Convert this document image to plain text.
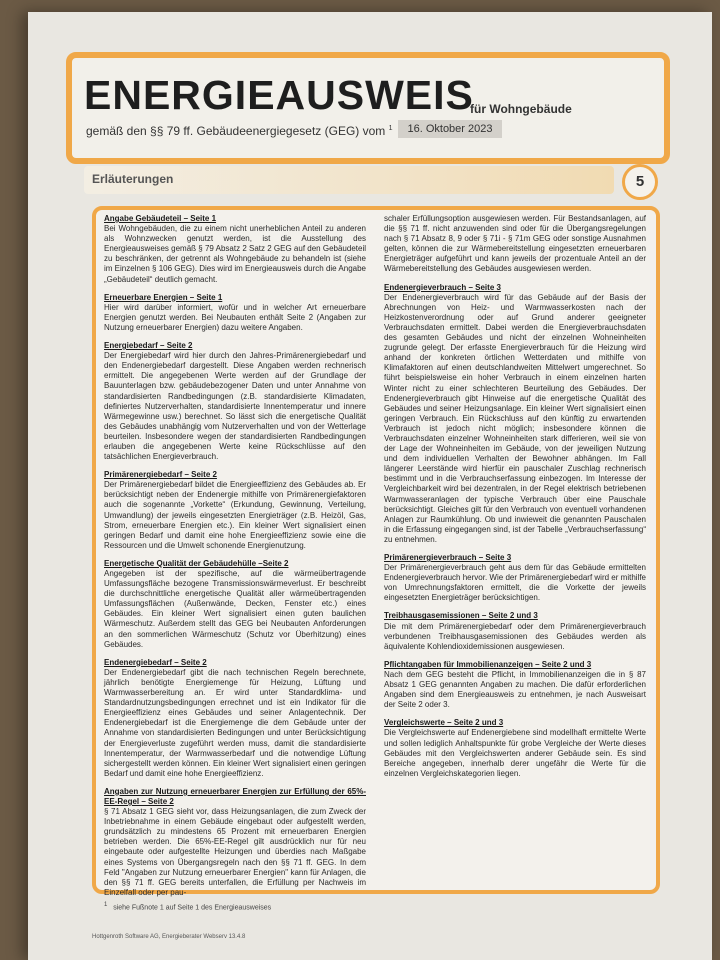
ENERGIEAUSWEIS
für Wohngebäude
gemäß den §§ 79 ff. Gebäudeenergiegesetz (GEG) vom $^1$	16. Oktober 2023
Erläuterungen	5
Angabe Gebäudeteil – Seite 1

Bei Wohngebäuden, die zu einem nicht unerheblichen Anteil zu anderen als Wohnzwecken genutzt werden, ist die Ausstellung des Energieausweises gemäß § 79 Absatz 2 Satz 2 GEG auf den Gebäudeteil zu beschränken, der getrennt als Wohngebäude zu behandeln ist (siehe im Einzelnen § 106 GEG). Dies wird im Energieausweis durch die Angabe „Gebäudeteil“ deutlich gemacht.

Erneuerbare Energien – Seite 1

Hier wird darüber informiert, wofür und in welcher Art erneuerbare Energien genutzt werden. Bei Neubauten enthält Seite 2 (Angaben zur Nutzung erneuerbarer Energien) dazu weitere Angaben.

Energiebedarf – Seite 2

Der Energiebedarf wird hier durch den Jahres-Primärenergiebedarf und den Endenergiebedarf dargestellt. Diese Angaben werden rechnerisch ermittelt. Die angegebenen Werte werden auf der Grundlage der Bauunterlagen bzw. gebäudebezogener Daten und unter Annahme von standardisierten Randbedingungen (z.B. standardisierte Klimadaten, definiertes Nutzerverhalten, standardisierte Innentemperatur und innere Wärmegewinne usw.) berechnet. So lässt sich die energetische Qualität des Gebäudes unabhängig vom Nutzerverhalten und von der Wetterlage beurteilen. Insbesondere wegen der standardisierten Randbedingungen erlauben die angegebenen Werte keine Rückschlüsse auf den tatsächlichen Energieverbrauch.

Primärenergiebedarf – Seite 2

Der Primärenergiebedarf bildet die Energieeffizienz des Gebäudes ab. Er berücksichtigt neben der Endenergie mithilfe von Primärenergiefaktoren auch die sogenannte „Vorkette“ (Erkundung, Gewinnung, Verteilung, Umwandlung) der jeweils eingesetzten Energieträger (z.B. Heizöl, Gas, Strom, erneuerbare Energien etc.). Ein kleiner Wert signalisiert einen geringen Bedarf und damit eine hohe Energieeffizienz sowie eine die Ressourcen und die Umwelt schonende Energienutzung.

Energetische Qualität der Gebäudehülle –Seite 2

Angegeben ist der spezifische, auf die wärmeübertragende Umfassungsfläche bezogene Transmissionswärmeverlust. Er beschreibt die durchschnittliche energetische Qualität aller wärmeübertragenden Umfassungsflächen (Außenwände, Decken, Fenster etc.) eines Gebäudes. Ein kleiner Wert signalisiert einen guten baulichen Wärmeschutz. Außerdem stellt das GEG bei Neubauten Anforderungen an den sommerlichen Wärmeschutz (Schutz vor Überhitzung) eines Gebäudes.

Endenergiebedarf – Seite 2

Der Endenergiebedarf gibt die nach technischen Regeln berechnete, jährlich benötigte Energiemenge für Heizung, Lüftung und Warmwasserbereitung an. Er wird unter Standardklima- und Standardnutzungsbedingungen errechnet und ist ein Indikator für die Energieeffizienz eines Gebäudes und seiner Anlagentechnik. Der Endenergiebedarf ist die Energiemenge die dem Gebäude unter der Annahme von standardisierten Bedingungen und unter Berücksichtigung der Energieverluste zugeführt werden muss, damit die standardisierte Innentemperatur, der Warmwasserbedarf und die notwendige Lüftung sichergestellt werden können. Ein kleiner Wert signalisiert einen geringen Bedarf und damit eine hohe Energieeffizienz.

Angaben zur Nutzung erneuerbarer Energien zur Erfüllung der 65%-EE-Regel – Seite 2

§ 71 Absatz 1 GEG sieht vor, dass Heizungsanlagen, die zum Zweck der Inbetriebnahme in einem Gebäude eingebaut oder aufgestellt werden, grundsätzlich zu mindestens 65 Prozent mit erneuerbaren Energien betrieben werden. Die 65%-EE-Regel gilt ausdrücklich nur für neu eingebaute oder aufgestellte Heizungen und überdies nach Maßgabe eines Systems von Übergangsregeln nach den §§ 71 ff. GEG. In dem Feld "Angaben zur Nutzung erneuerbarer Energien" kann für Anlagen, die den §§ 71 ff. GEG bereits unterfallen, die Erfüllung per Nachweis im Einzelfall oder per pau-

schaler Erfüllungsoption ausgewiesen werden. Für Bestandsanlagen, auf die §§ 71 ff. nicht anzuwenden sind oder für die Übergangsregelungen nach § 71 Absatz 8, 9 oder § 71i - § 71m GEG oder sonstige Ausnahmen gelten, können die zur Wärmebereitstellung eingesetzten erneuerbaren Energieträger aufgeführt und kann jeweils der prozentuale Anteil an der Wärmebereitstellung des Gebäudes ausgewiesen werden.

Endenergieverbrauch – Seite 3

Der Endenergieverbrauch wird für das Gebäude auf der Basis der Abrechnungen von Heiz- und Warmwasserkosten nach der Heizkostenverordnung oder auf Grund anderer geeigneter Verbrauchsdaten ermittelt. Dabei werden die Energieverbrauchsdaten des gesamten Gebäudes und nicht der einzelnen Wohneinheiten zugrunde gelegt. Der erfasste Energieverbrauch für die Heizung wird anhand der konkreten örtlichen Wetterdaten und mithilfe von Klimafaktoren auf einen deutschlandweiten Mittelwert umgerechnet. So führt beispielsweise ein hoher Verbrauch in einem einzelnen harten Winter nicht zu einer schlechteren Beurteilung des Gebäudes. Der Endenergieverbrauch gibt Hinweise auf die energetische Qualität des Gebäudes und seiner Heizungsanlage. Ein kleiner Wert signalisiert einen geringen Verbrauch. Ein Rückschluss auf den künftig zu erwartenden Verbrauch ist jedoch nicht möglich; insbesondere können die Verbrauchsdaten einzelner Wohneinheiten stark differieren, weil sie von der Lage der Wohneinheiten im Gebäude, von der jeweiligen Nutzung und dem individuellen Verhalten der Bewohner abhängen. Im Fall längerer Leerstände wird hierfür ein pauschaler Zuschlag rechnerisch bestimmt und in die Verbrauchserfassung einbezogen. Im Interesse der Vergleichbarkeit wird bei dezentralen, in der Regel elektrisch betriebenen Warmwasseranlagen der typische Verbrauch über eine Pauschale berücksichtigt. Gleiches gilt für den Verbrauch von eventuell vorhandenen Anlagen zur Raumkühlung. Ob und inwieweit die genannten Pauschalen in die Erfassung eingegangen sind, ist der Tabelle „Verbrauchserfassung“ zu entnehmen.

Primärenergieverbrauch – Seite 3

Der Primärenergieverbrauch geht aus dem für das Gebäude ermittelten Endenergieverbrauch hervor. Wie der Primärenergiebedarf wird er mithilfe von Umrechnungsfaktoren ermittelt, die die Vorkette der jeweils eingesetzten Energieträger berücksichtigen.

Treibhausgasemissionen – Seite 2 und 3

Die mit dem Primärenergiebedarf oder dem Primärenergieverbrauch verbundenen Treibhausgasemissionen des Gebäudes werden als äquivalente Kohlendioxidemissionen ausgewiesen.

Pflichtangaben für Immobilienanzeigen – Seite 2 und 3

Nach dem GEG besteht die Pflicht, in Immobilienanzeigen die in § 87 Absatz 1 GEG genannten Angaben zu machen. Die dafür erforderlichen Angaben sind dem Energieausweis zu entnehmen, je nach Ausweisart der Seite 2 oder 3.

Vergleichswerte – Seite 2 und 3

Die Vergleichswerte auf Endenergiebene sind modellhaft ermittelte Werte und sollen lediglich Anhaltspunkte für grobe Vergleiche der Werte dieses Gebäudes mit den Vergleichswerten anderer Gebäude sein. Es sind Bereiche angegeben, innerhalb derer ungefähr die Werte für die einzelnen Vergleichskategorien liegen.

$^1$ siehe Fußnote 1 auf Seite 1 des Energieausweises
Hottgenroth Software AG, Energieberater Webserv 13.4.8
